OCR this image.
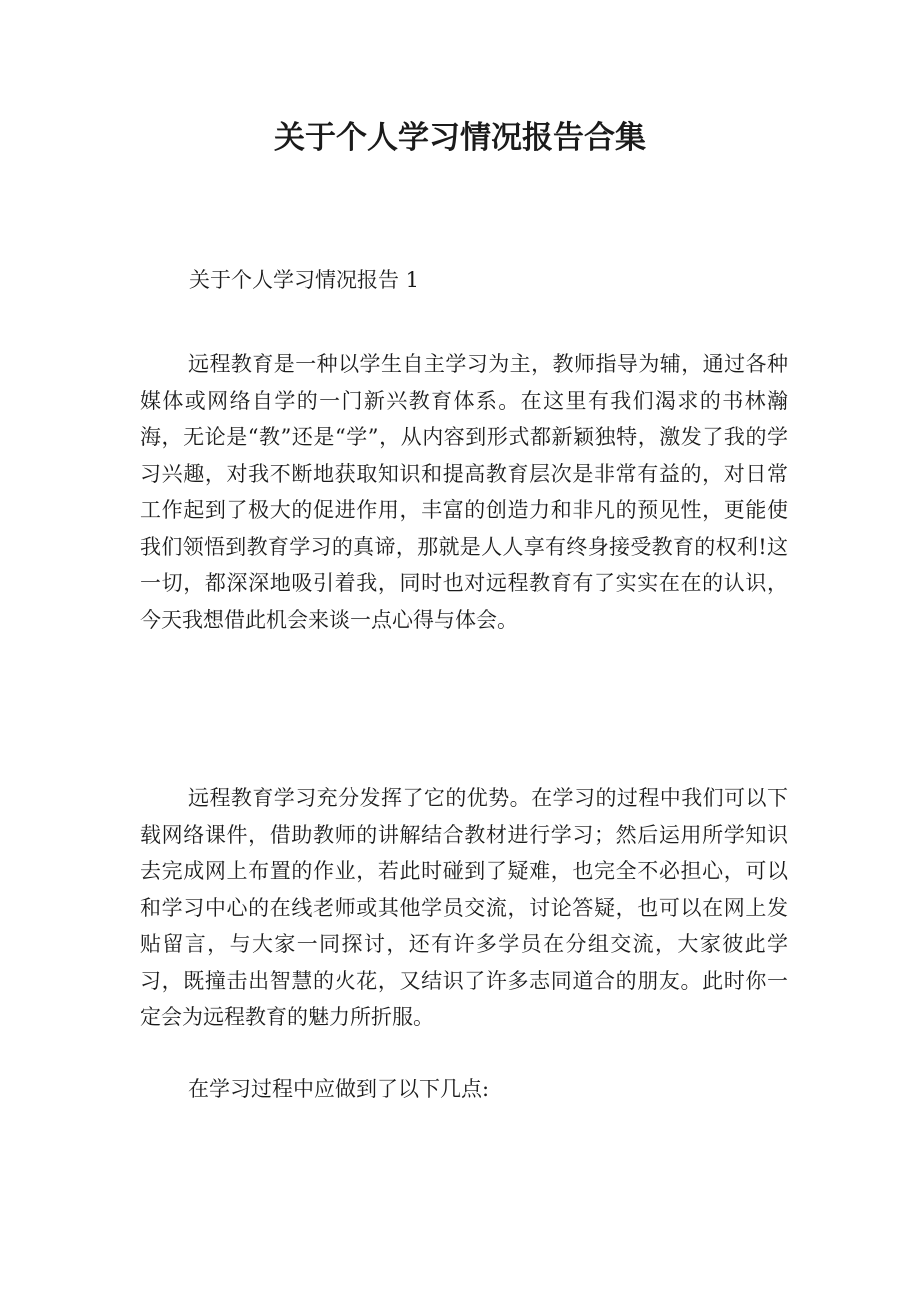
关于个人学习情况报告合集

关于个人学习情况报告 1

远程教育是一种以学生自主学习为主，教师指导为辅，通过各种媒体或网络自学的一门新兴教育体系。在这里有我们渴求的书林瀚海，无论是“教”还是“学”，从内容到形式都新颖独特，激发了我的学习兴趣，对我不断地获取知识和提高教育层次是非常有益的，对日常工作起到了极大的促进作用，丰富的创造力和非凡的预见性，更能使我们领悟到教育学习的真谛，那就是人人享有终身接受教育的权利!这一切，都深深地吸引着我，同时也对远程教育有了实实在在的认识，今天我想借此机会来谈一点心得与体会。

远程教育学习充分发挥了它的优势。在学习的过程中我们可以下载网络课件，借助教师的讲解结合教材进行学习；然后运用所学知识去完成网上布置的作业，若此时碰到了疑难，也完全不必担心，可以和学习中心的在线老师或其他学员交流，讨论答疑，也可以在网上发贴留言，与大家一同探讨，还有许多学员在分组交流，大家彼此学习，既撞击出智慧的火花，又结识了许多志同道合的朋友。此时你一定会为远程教育的魅力所折服。

在学习过程中应做到了以下几点:
